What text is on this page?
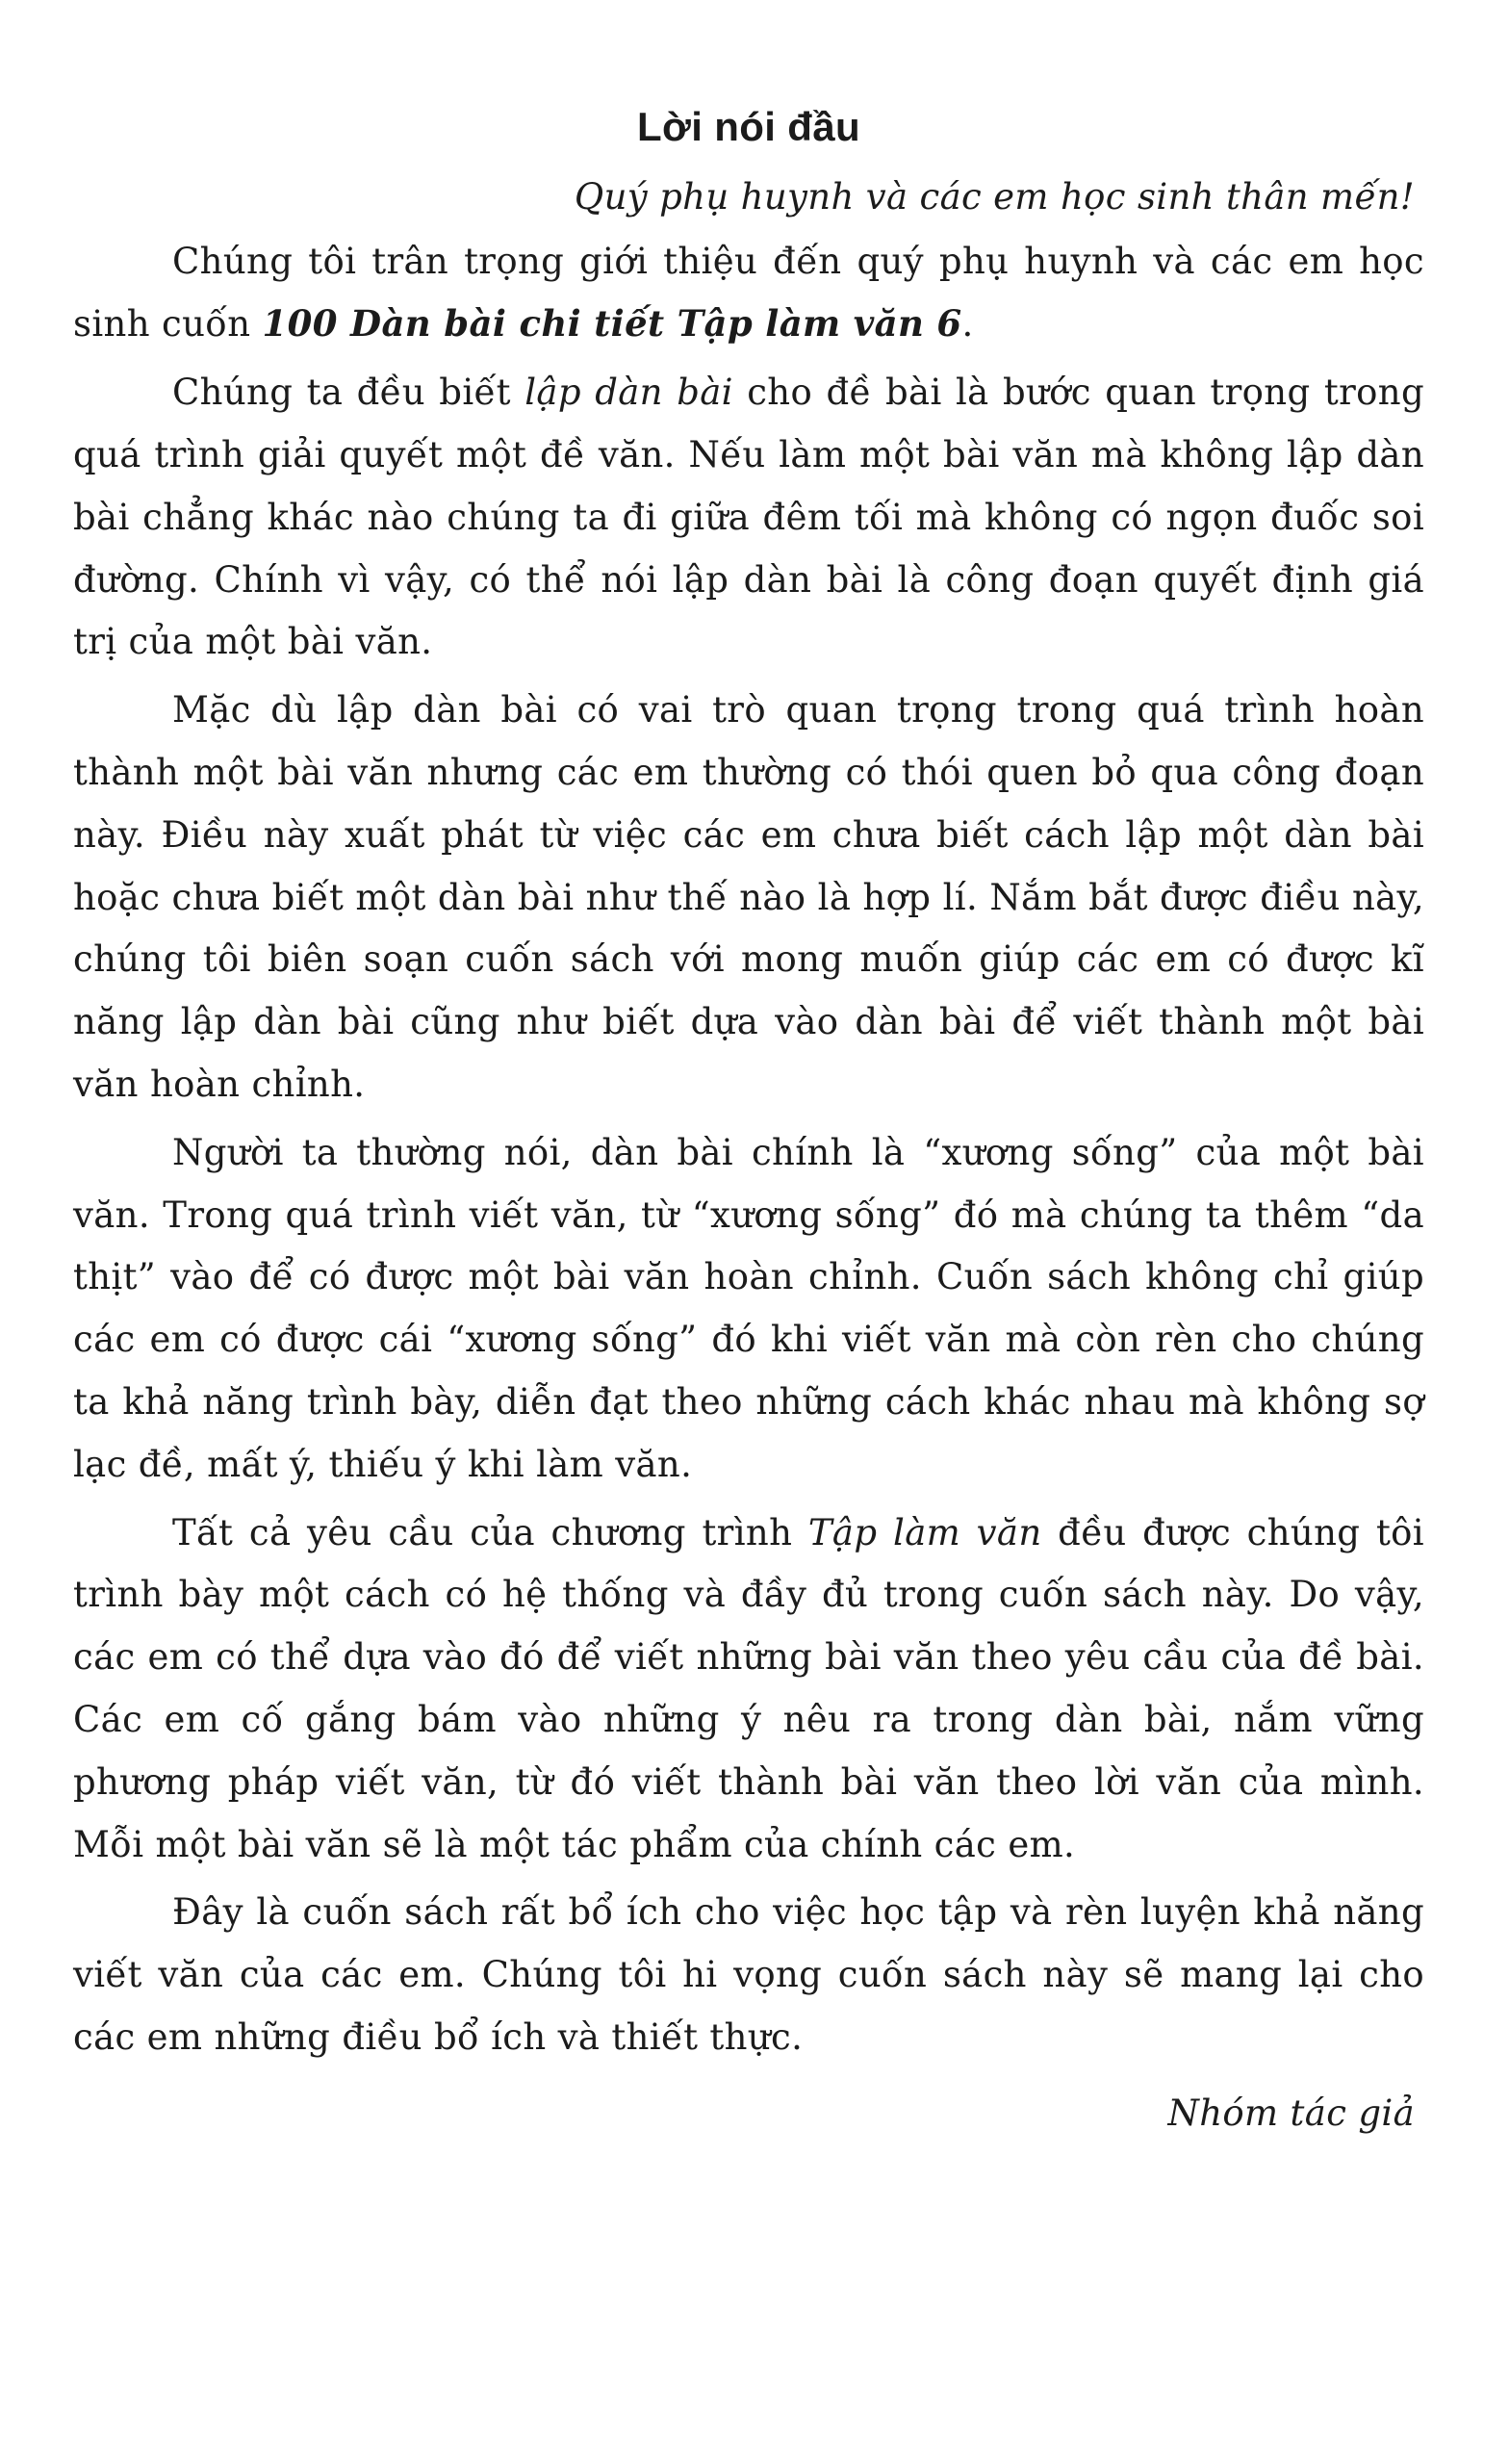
Lời nói đầu
Quý phụ huynh và các em học sinh thân mến!

Chúng tôi trân trọng giới thiệu đến quý phụ huynh và các em học sinh cuốn 100 Dàn bài chi tiết Tập làm văn 6.

Chúng ta đều biết lập dàn bài cho đề bài là bước quan trọng trong quá trình giải quyết một đề văn. Nếu làm một bài văn mà không lập dàn bài chẳng khác nào chúng ta đi giữa đêm tối mà không có ngọn đuốc soi đường. Chính vì vậy, có thể nói lập dàn bài là công đoạn quyết định giá trị của một bài văn.

Mặc dù lập dàn bài có vai trò quan trọng trong quá trình hoàn thành một bài văn nhưng các em thường có thói quen bỏ qua công đoạn này. Điều này xuất phát từ việc các em chưa biết cách lập một dàn bài hoặc chưa biết một dàn bài như thế nào là hợp lí. Nắm bắt được điều này, chúng tôi biên soạn cuốn sách với mong muốn giúp các em có được kĩ năng lập dàn bài cũng như biết dựa vào dàn bài để viết thành một bài văn hoàn chỉnh.

Người ta thường nói, dàn bài chính là “xương sống” của một bài văn. Trong quá trình viết văn, từ “xương sống” đó mà chúng ta thêm “da thịt” vào để có được một bài văn hoàn chỉnh. Cuốn sách không chỉ giúp các em có được cái “xương sống” đó khi viết văn mà còn rèn cho chúng ta khả năng trình bày, diễn đạt theo những cách khác nhau mà không sợ lạc đề, mất ý, thiếu ý khi làm văn.

Tất cả yêu cầu của chương trình Tập làm văn đều được chúng tôi trình bày một cách có hệ thống và đầy đủ trong cuốn sách này. Do vậy, các em có thể dựa vào đó để viết những bài văn theo yêu cầu của đề bài. Các em cố gắng bám vào những ý nêu ra trong dàn bài, nắm vững phương pháp viết văn, từ đó viết thành bài văn theo lời văn của mình. Mỗi một bài văn sẽ là một tác phẩm của chính các em.

Đây là cuốn sách rất bổ ích cho việc học tập và rèn luyện khả năng viết văn của các em. Chúng tôi hi vọng cuốn sách này sẽ mang lại cho các em những điều bổ ích và thiết thực.

Nhóm tác giả
